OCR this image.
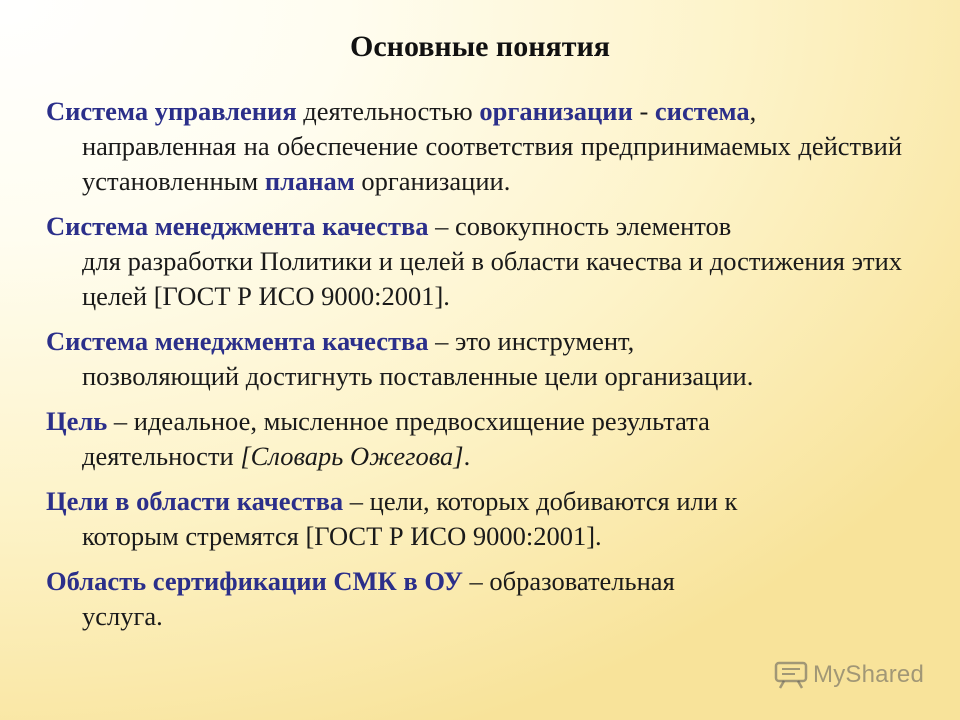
Основные понятия

Система управления деятельностью организации - система,
направленная на обеспечение соответствия предпринимаемых действий установленным планам организации.

Система менеджмента качества – совокупность элементов
для разработки Политики и целей в области качества и достижения этих целей [ГОСТ Р ИСО 9000:2001].

Система менеджмента качества – это инструмент,
позволяющий достигнуть поставленные цели организации.

Цель – идеальное, мысленное предвосхищение результата
деятельности [Словарь Ожегова].

Цели в области качества – цели, которых добиваются или к
которым стремятся [ГОСТ Р ИСО 9000:2001].

Область сертификации СМК в ОУ – образовательная
услуга.

MyShared
